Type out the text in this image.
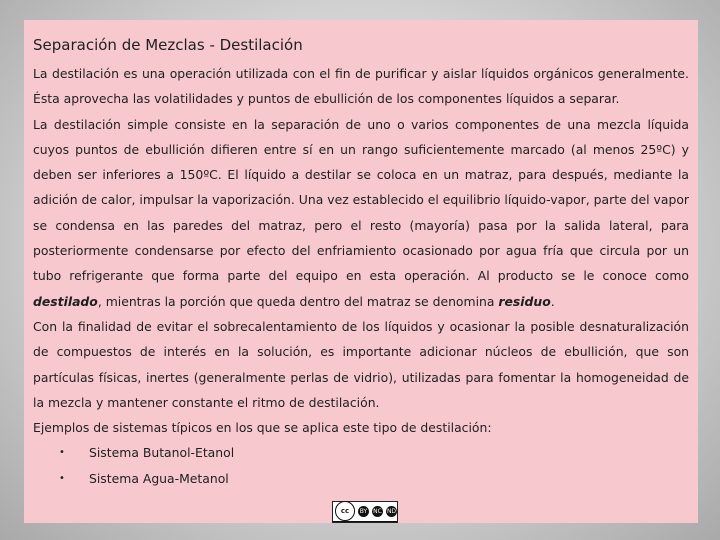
Separación de Mezclas - Destilación

La destilación es una operación utilizada con el fin de purificar y aislar líquidos orgánicos generalmente. Ésta aprovecha las volatilidades y puntos de ebullición de los componentes líquidos a separar.

La destilación simple consiste en la separación de uno o varios componentes de una mezcla líquida cuyos puntos de ebullición difieren entre sí en un rango suficientemente marcado (al menos 25ºC) y deben ser inferiores a 150ºC. El líquido a destilar se coloca en un matraz, para después, mediante la adición de calor, impulsar la vaporización. Una vez establecido el equilibrio líquido-vapor, parte del vapor se condensa en las paredes del matraz, pero el resto (mayoría) pasa por la salida lateral, para posteriormente condensarse por efecto del enfriamiento ocasionado por agua fría que circula por un tubo refrigerante que forma parte del equipo en esta operación. Al producto se le conoce como destilado, mientras la porción que queda dentro del matraz se denomina residuo.

Con la finalidad de evitar el sobrecalentamiento de los líquidos y ocasionar la posible desnaturalización de compuestos de interés en la solución, es importante adicionar núcleos de ebullición, que son partículas físicas, inertes (generalmente perlas de vidrio), utilizadas para fomentar la homogeneidad de la mezcla y mantener constante el ritmo de destilación.

Ejemplos de sistemas típicos en los que se aplica este tipo de destilación:

• Sistema Butanol-Etanol
• Sistema Agua-Metanol
cc	BY NC ND
